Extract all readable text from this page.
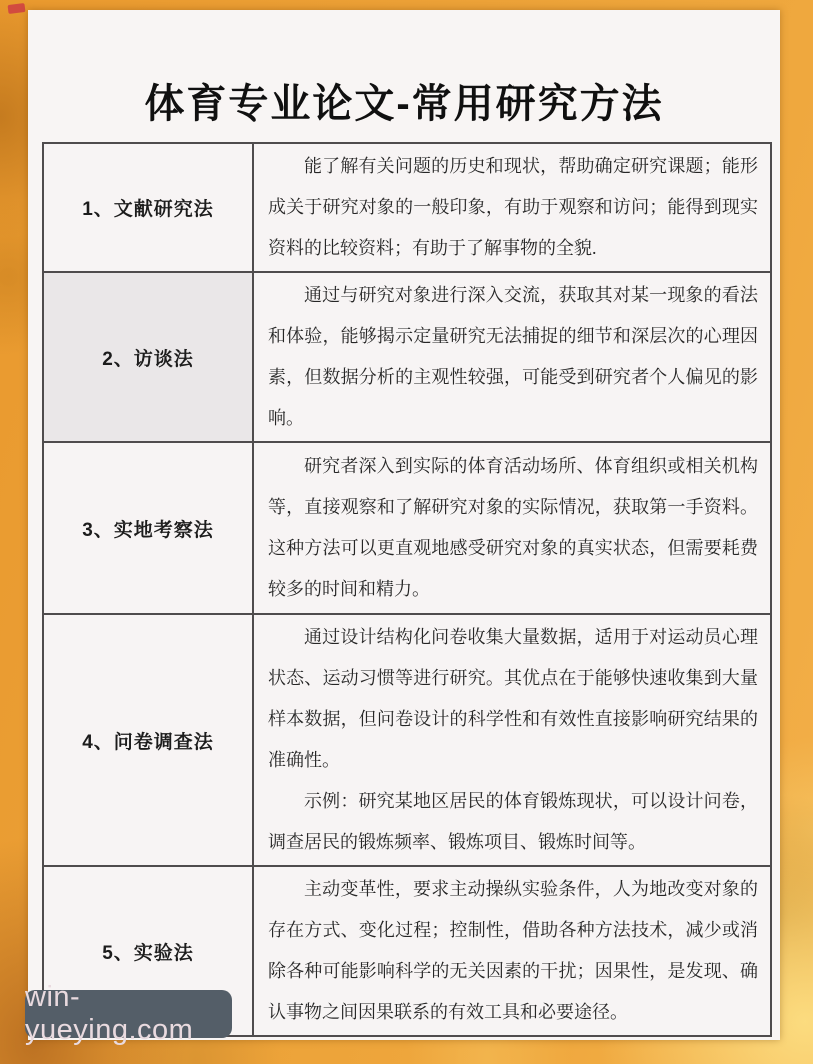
体育专业论文-常用研究方法
1、文献研究法	能了解有关问题的历史和现状，帮助确定研究课题；能形成关于研究对象的一般印象，有助于观察和访问；能得到现实资料的比较资料；有助于了解事物的全貌.

2、访谈法	通过与研究对象进行深入交流，获取其对某一现象的看法和体验，能够揭示定量研究无法捕捉的细节和深层次的心理因素，但数据分析的主观性较强，可能受到研究者个人偏见的影响。

3、实地考察法	研究者深入到实际的体育活动场所、体育组织或相关机构等，直接观察和了解研究对象的实际情况，获取第一手资料。这种方法可以更直观地感受研究对象的真实状态，但需要耗费较多的时间和精力。

4、问卷调查法	通过设计结构化问卷收集大量数据，适用于对运动员心理状态、运动习惯等进行研究。其优点在于能够快速收集到大量样本数据，但问卷设计的科学性和有效性直接影响研究结果的准确性。

示例：研究某地区居民的体育锻炼现状，可以设计问卷，调查居民的锻炼频率、锻炼项目、锻炼时间等。

5、实验法	主动变革性，要求主动操纵实验条件，人为地改变对象的存在方式、变化过程；控制性，借助各种方法技术，减少或消除各种可能影响科学的无关因素的干扰；因果性，是发现、确认事物之间因果联系的有效工具和必要途径。

win-yueying.com
